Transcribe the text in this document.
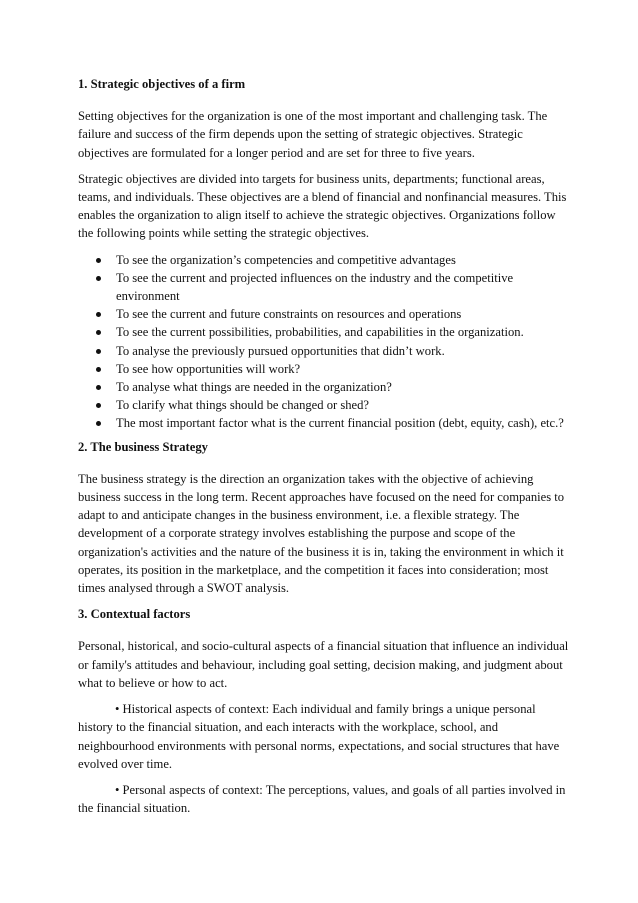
1. Strategic objectives of a firm

Setting objectives for the organization is one of the most important and challenging task. The failure and success of the firm depends upon the setting of strategic objectives. Strategic objectives are formulated for a longer period and are set for three to five years.

Strategic objectives are divided into targets for business units, departments; functional areas, teams, and individuals. These objectives are a blend of financial and nonfinancial measures. This enables the organization to align itself to achieve the strategic objectives. Organizations follow the following points while setting the strategic objectives.

To see the organization’s competencies and competitive advantages
To see the current and projected influences on the industry and the competitive environment
To see the current and future constraints on resources and operations
To see the current possibilities, probabilities, and capabilities in the organization.
To analyse the previously pursued opportunities that didn’t work.
To see how opportunities will work?
To analyse what things are needed in the organization?
To clarify what things should be changed or shed?
The most important factor what is the current financial position (debt, equity, cash), etc.?
2. The business Strategy

The business strategy is the direction an organization takes with the objective of achieving business success in the long term. Recent approaches have focused on the need for companies to adapt to and anticipate changes in the business environment, i.e. a flexible strategy. The development of a corporate strategy involves establishing the purpose and scope of the organization's activities and the nature of the business it is in, taking the environment in which it operates, its position in the marketplace, and the competition it faces into consideration; most times analysed through a SWOT analysis.

3. Contextual factors

Personal, historical, and socio-cultural aspects of a financial situation that influence an individual or family's attitudes and behaviour, including goal setting, decision making, and judgment about what to believe or how to act.

• Historical aspects of context: Each individual and family brings a unique personal history to the financial situation, and each interacts with the workplace, school, and neighbourhood environments with personal norms, expectations, and social structures that have evolved over time.

• Personal aspects of context: The perceptions, values, and goals of all parties involved in the financial situation.
